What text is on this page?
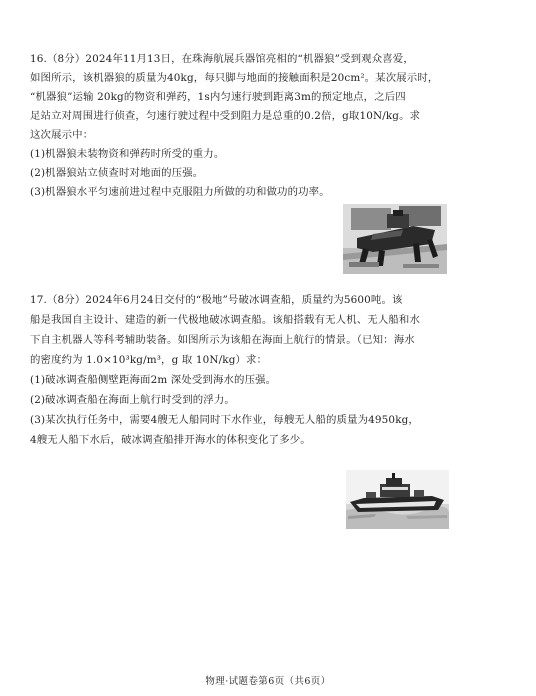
16.（8分）2024年11月13日，在珠海航展兵器馆亮相的“机器狼”受到观众喜爱，
如图所示，该机器狼的质量为40kg，每只脚与地面的接触面积是20cm²。某次展示时，
“机器狼”运输 20kg的物资和弹药，1s内匀速行驶到距离3m的预定地点，之后四
足站立对周围进行侦查，匀速行驶过程中受到阻力是总重的0.2倍，g取10N/kg。求
这次展示中：
(1)机器狼未装物资和弹药时所受的重力。
(2)机器狼站立侦查时对地面的压强。
(3)机器狼水平匀速前进过程中克服阻力所做的功和做功的功率。
17.（8分）2024年6月24日交付的“极地”号破冰调查船，质量约为5600吨。该
船是我国自主设计、建造的新一代极地破冰调查船。该船搭载有无人机、无人船和水
下自主机器人等科考辅助装备。如图所示为该船在海面上航行的情景。（已知：海水
的密度约为 1.0×10³kg/m³，g 取 10N/kg）求：
(1)破冰调查船侧壁距海面2m 深处受到海水的压强。
(2)破冰调查船在海面上航行时受到的浮力。
(3)某次执行任务中，需要4艘无人船同时下水作业，每艘无人船的质量为4950kg，
4艘无人船下水后，破冰调查船排开海水的体积变化了多少。
物理·试题卷第6页（共6页）
